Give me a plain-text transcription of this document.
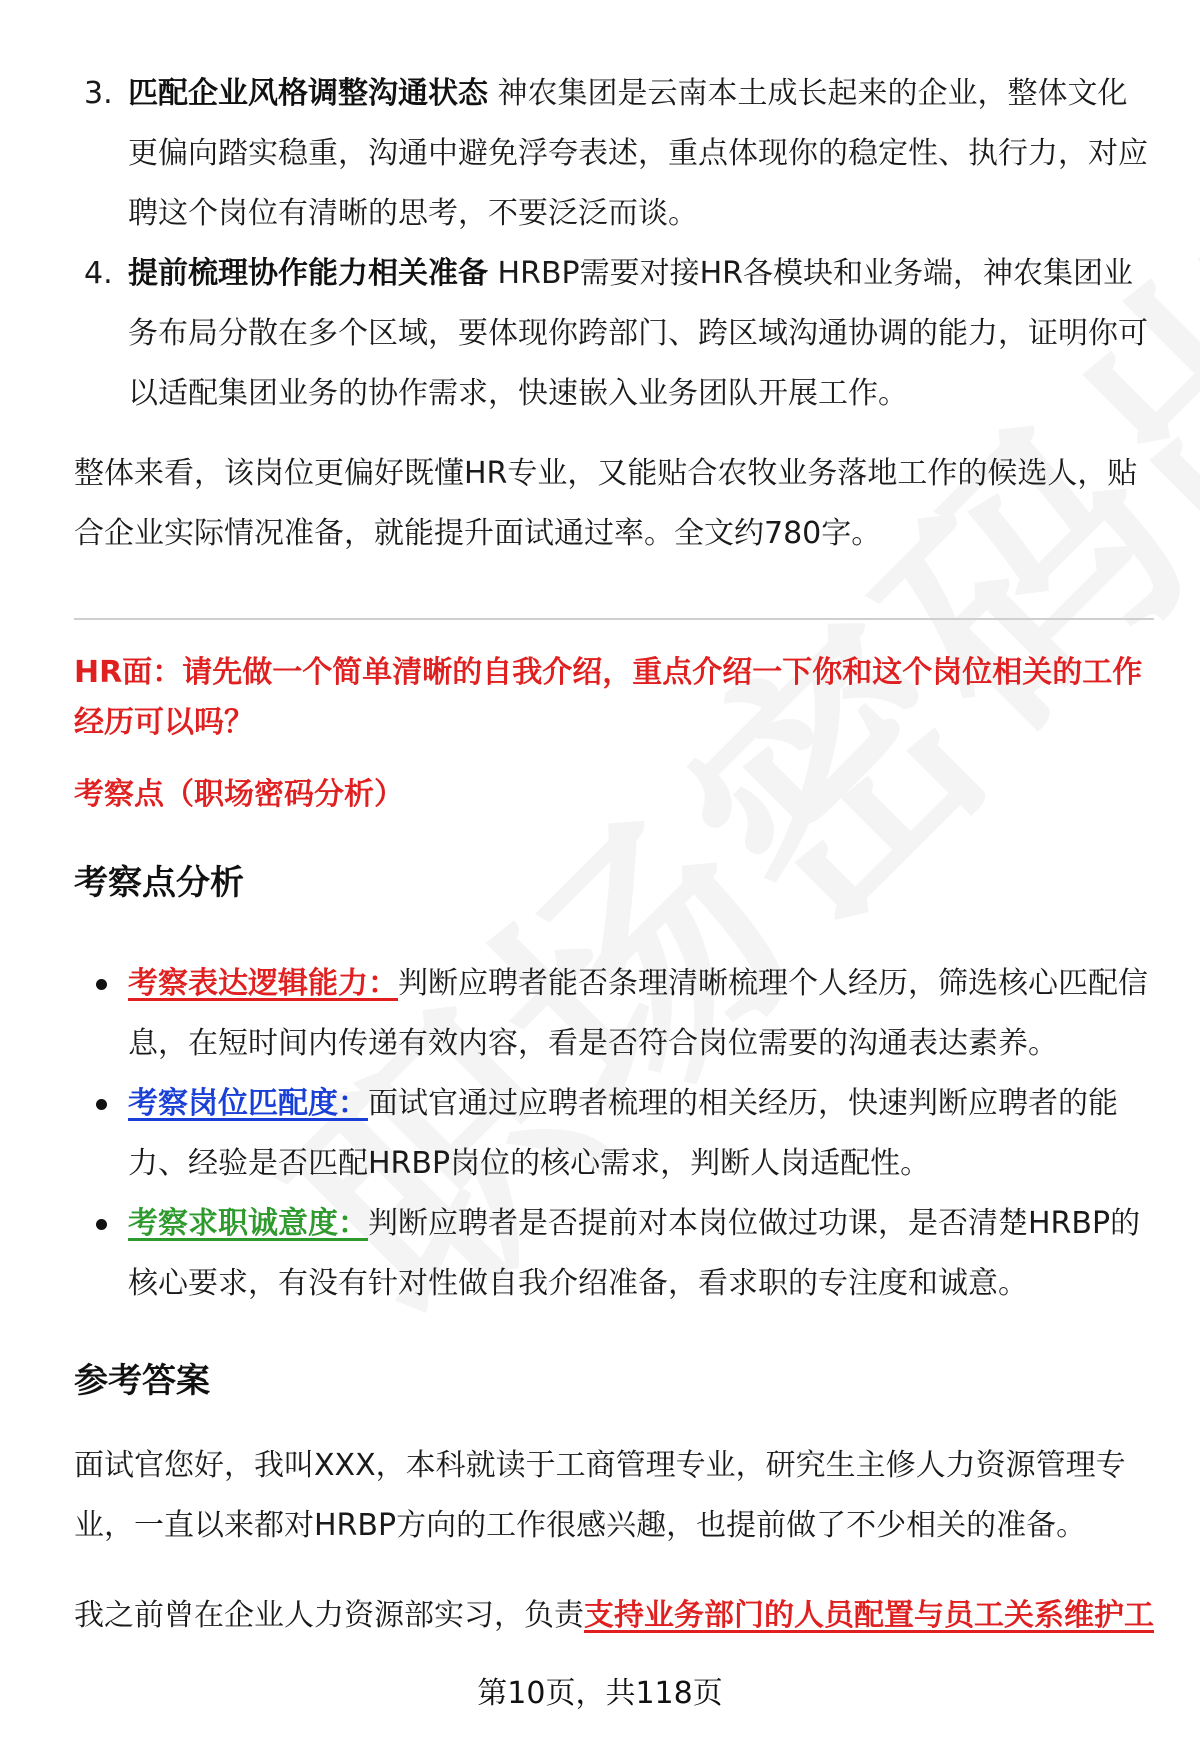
3. 匹配企业风格调整沟通状态 神农集团是云南本土成长起来的企业，整体文化更偏向踏实稳重，沟通中避免浮夸表述，重点体现你的稳定性、执行力，对应聘这个岗位有清晰的思考，不要泛泛而谈。
4. 提前梳理协作能力相关准备 HRBP需要对接HR各模块和业务端，神农集团业务布局分散在多个区域，要体现你跨部门、跨区域沟通协调的能力，证明你可以适配集团业务的协作需求，快速嵌入业务团队开展工作。

整体来看，该岗位更偏好既懂HR专业，又能贴合农牧业务落地工作的候选人，贴合企业实际情况准备，就能提升面试通过率。全文约780字。

HR面：请先做一个简单清晰的自我介绍，重点介绍一下你和这个岗位相关的工作经历可以吗？

考察点（职场密码分析）

考察点分析
考察表达逻辑能力：判断应聘者能否条理清晰梳理个人经历，筛选核心匹配信息，在短时间内传递有效内容，看是否符合岗位需要的沟通表达素养。
考察岗位匹配度：面试官通过应聘者梳理的相关经历，快速判断应聘者的能力、经验是否匹配HRBP岗位的核心需求，判断人岗适配性。
考察求职诚意度：判断应聘者是否提前对本岗位做过功课，是否清楚HRBP的核心要求，有没有针对性做自我介绍准备，看求职的专注度和诚意。
参考答案

面试官您好，我叫XXX，本科就读于工商管理专业，研究生主修人力资源管理专业，一直以来都对HRBP方向的工作很感兴趣，也提前做了不少相关的准备。

我之前曾在企业人力资源部实习，负责支持业务部门的人员配置与员工关系维护工

第10页，共118页
